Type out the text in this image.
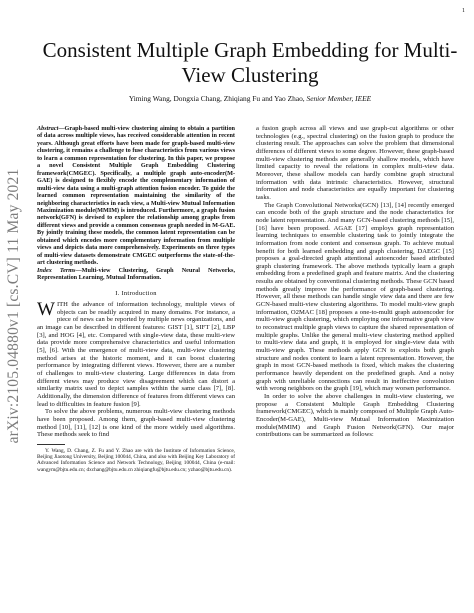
1
arXiv:2105.04880v1 [cs.CV] 11 May 2021
Consistent Multiple Graph Embedding for Multi-View Clustering
Yiming Wang, Dongxia Chang, Zhiqiang Fu and Yao Zhao, Senior Member, IEEE

Abstract—Graph-based multi-view clustering aiming to obtain a partition of data across multiple views, has received considerable attention in recent years. Although great efforts have been made for graph-based multi-view clustering, it remains a challenge to fuse characteristics from various views to learn a common representation for clustering. In this paper, we propose a novel Consistent Multiple Graph Embedding Clustering framework(CMGEC). Specifically, a multiple graph auto-encoder(M-GAE) is designed to flexibly encode the complementary information of multi-view data using a multi-graph attention fusion encoder. To guide the learned common representation maintaining the similarity of the neighboring characteristics in each view, a Multi-view Mutual Information Maximization module(MMIM) is introduced. Furthermore, a graph fusion network(GFN) is devised to explore the relationship among graphs from different views and provide a common consensus graph needed in M-GAE. By jointly training these models, the common latent representation can be obtained which encodes more complementary information from multiple views and depicts data more comprehensively. Experiments on three types of multi-view datasets demonstrate CMGEC outperforms the state-of-the-art clustering methods.

Index Terms—Multi-view Clustering, Graph Neural Networks, Representation Learning, Mutual Information.

I. Introduction

WITH the advance of information technology, multiple views of objects can be readily acquired in many domains. For instance, a piece of news can be reported by multiple news organizations, and an image can be described in different features: GIST [1], SIFT [2], LBP [3], and HOG [4], etc. Compared with single-view data, these multi-view data provide more comprehensive characteristics and useful information [5], [6]. With the emergence of multi-view data, multi-view clustering method arises at the historic moment, and it can boost clustering performance by integrating different views. However, there are a number of challenges to multi-view clustering. Large differences in data from different views may produce view disagreement which can distort a similarity matrix used to depict samples within the same class [7], [8]. Additionally, the dimension difference of features from different views can lead to difficulties in feature fusion [9].

To solve the above problems, numerous multi-view clustering methods have been proposed. Among them, graph-based multi-view clustering method [10], [11], [12] is one kind of the more widely used algorithms. These methods seek to find

Y. Wang, D. Chang, Z. Fu and Y. Zhao are with the Institute of Information Science, Beijing Jiaotong University, Beijing 100044, China, and also with Beijing Key Laboratory of Advanced Information Science and Network Technology, Beijing 100044, China (e-mail: wangym@bjtu.edu.cn; dxchang@bjtu.edu.cn zhiqiangfu@bjtu.edu.cn; yzhao@bjtu.edu.cn).

a fusion graph across all views and use graph-cut algorithms or other technologies (e.g., spectral clustering) on the fusion graph to produce the clustering result. The approaches can solve the problem that dimensional differences of different views to some degree. However, these graph-based multi-view clustering methods are generally shallow models, which have limited capacity to reveal the relations in complex multi-view data. Moreover, these shallow models can hardly combine graph structural information with data intrinsic characteristics. However, structural information and node characteristics are equally important for clustering tasks.

The Graph Convolutional Networks(GCN) [13], [14] recently emerged can encode both of the graph structure and the node characteristics for node latent representation. And many GCN-based clustering methods [15], [16] have been proposed. AGAE [17] employs graph representation learning techniques to ensemble clustering task to jointly integrate the information from node content and consensus graph. To achieve mutual benefit for both learned embedding and graph clustering, DAEGC [15] proposes a goal-directed graph attentional autoencoder based attributed graph clustering framework. The above methods typically learn a graph embedding from a predefined graph and feature matrix. And the clustering results are obtained by conventional clustering methods. These GCN based methods greatly improve the performance of graph-based clustering. However, all these methods can handle single view data and there are few GCN-based multi-view clustering algorithms. To model multi-view graph information, O2MAC [18] proposes a one-to-multi graph autoencoder for multi-view graph clustering, which employing one informative graph view to reconstruct multiple graph views to capture the shared representation of multiple graphs. Unlike the general multi-view clustering method applied to multi-view data and graph, it is employed for single-view data with multi-view graph. These methods apply GCN to exploits both graph structure and nodes content to learn a latent representation. However, the graph in most GCN-based methods is fixed, which makes the clustering performance heavily dependent on the predefined graph. And a noisy graph with unreliable connections can result in ineffective convolution with wrong neighbors on the graph [19], which may worsen performance.

In order to solve the above challenges in multi-view clustering, we propose a Consistent Multiple Graph Embedding Clustering framework(CMGEC), which is mainly composed of Multiple Graph Auto-Encoder(M-GAE), Multi-view Mutual Information Maximization module(MMIM) and Graph Fusion Network(GFN). Our major contributions can be summarized as follows:
